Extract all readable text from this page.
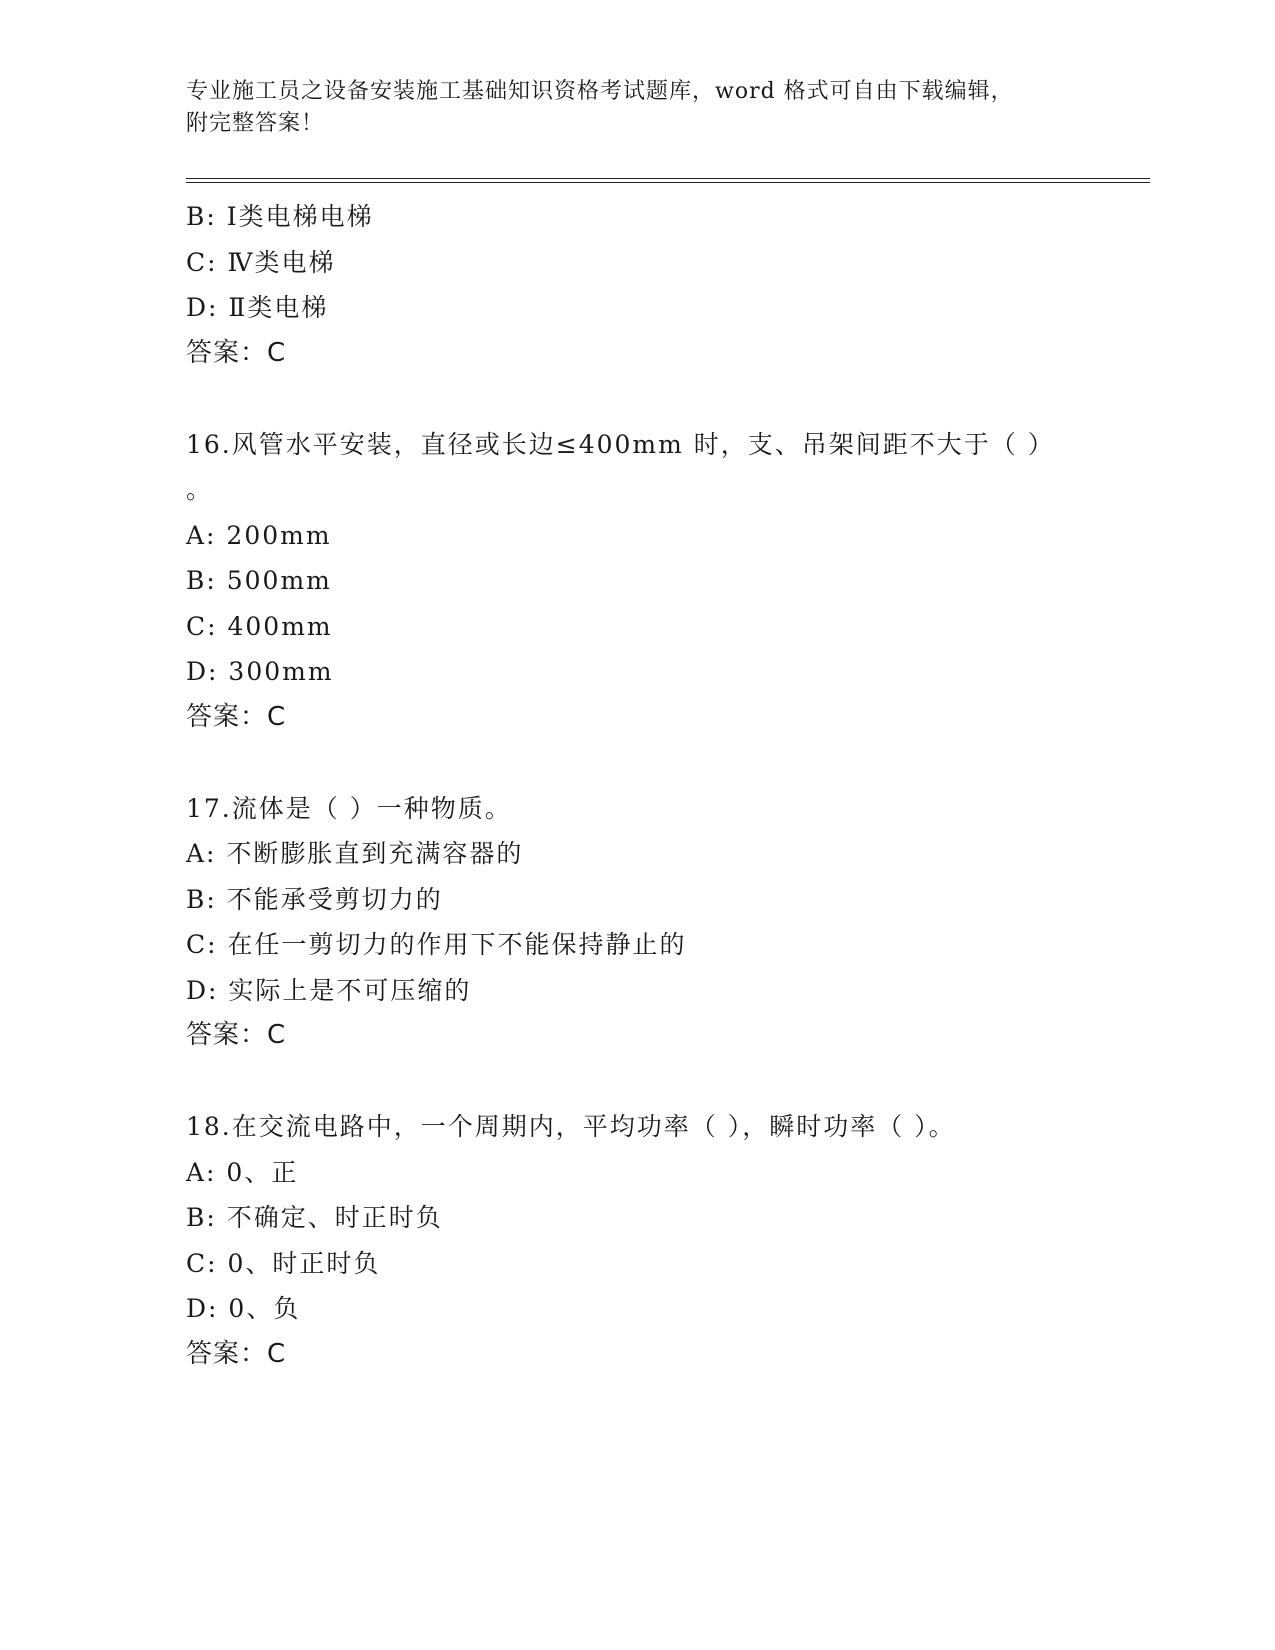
专业施工员之设备安装施工基础知识资格考试题库，word 格式可自由下载编辑，
附完整答案！
B: Ⅰ类电梯电梯
C: Ⅳ类电梯
D: Ⅱ类电梯
答案：C
16.风管水平安装，直径或长边≤400mm 时，支、吊架间距不大于（ ）
。
A: 200mm
B: 500mm
C: 400mm
D: 300mm
答案：C
17.流体是（ ）一种物质。
A: 不断膨胀直到充满容器的
B: 不能承受剪切力的
C: 在任一剪切力的作用下不能保持静止的
D: 实际上是不可压缩的
答案：C
18.在交流电路中，一个周期内，平均功率（ ），瞬时功率（ ）。
A: 0、正
B: 不确定、时正时负
C: 0、时正时负
D: 0、负
答案：C
